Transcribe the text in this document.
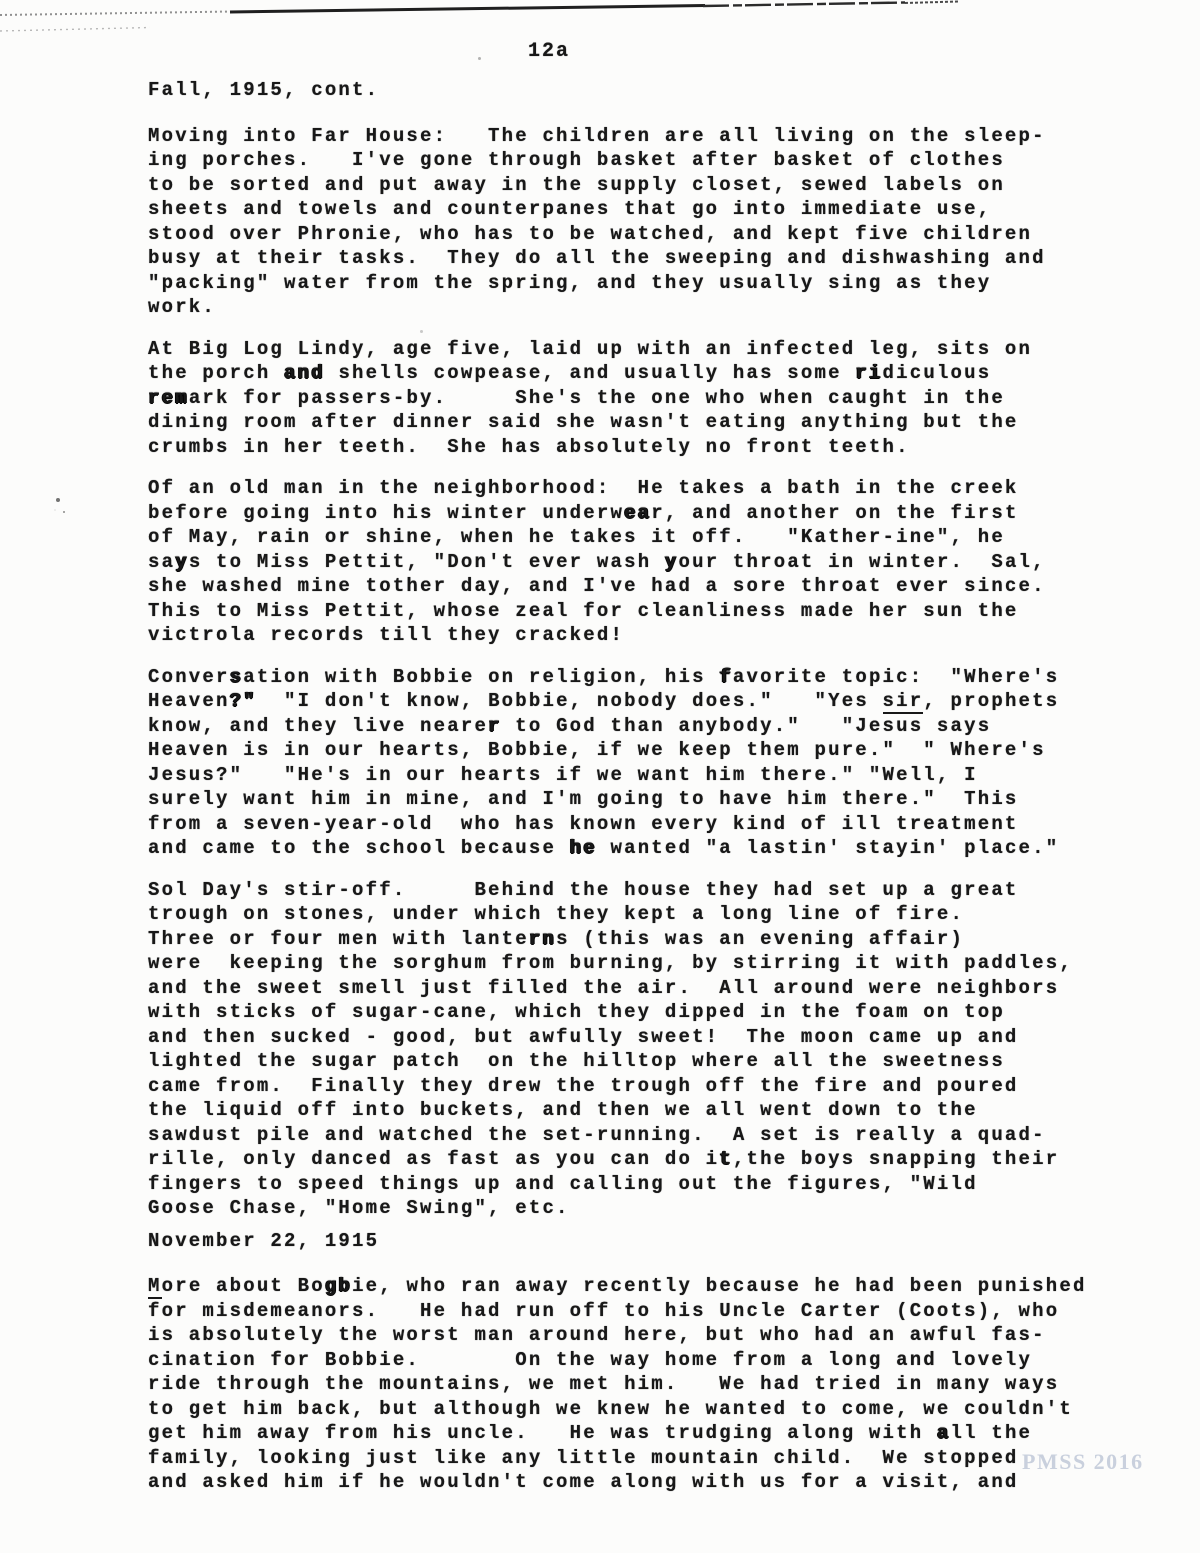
PMSS 2016
12a
Fall, 1915, cont.
Moving into Far House:   The children are all living on the sleep-
ing porches.   I've gone through basket after basket of clothes
to be sorted and put away in the supply closet, sewed labels on
sheets and towels and counterpanes that go into immediate use,
stood over Phronie, who has to be watched, and kept five children
busy at their tasks.  They do all the sweeping and dishwashing and
"packing" water from the spring, and they usually sing as they
work.
At Big Log Lindy, age five, laid up with an infected leg, sits on
the porch and shells cowpease, and usually has some ridiculous
remark for passers-by.     She's the one who when caught in the
dining room after dinner said she wasn't eating anything but the
crumbs in her teeth.  She has absolutely no front teeth.
Of an old man in the neighborhood:  He takes a bath in the creek
before going into his winter underwear, and another on the first
of May, rain or shine, when he takes it off.   "Kather-ine", he
says to Miss Pettit, "Don't ever wash your throat in winter.  Sal,
she washed mine tother day, and I've had a sore throat ever since.
This to Miss Pettit, whose zeal for cleanliness made her sun the
victrola records till they cracked!
Conversation with Bobbie on religion, his favorite topic:  "Where's
Heaven?"  "I don't know, Bobbie, nobody does."   "Yes sir, prophets
know, and they live nearer to God than anybody."   "Jesus says
Heaven is in our hearts, Bobbie, if we keep them pure."  " Where's
Jesus?"   "He's in our hearts if we want him there." "Well, I
surely want him in mine, and I'm going to have him there."  This
from a seven-year-old  who has known every kind of ill treatment
and came to the school because he wanted "a lastin' stayin' place."
Sol Day's stir-off.     Behind the house they had set up a great
trough on stones, under which they kept a long line of fire.
Three or four men with lanterns (this was an evening affair)
were  keeping the sorghum from burning, by stirring it with paddles,
and the sweet smell just filled the air.  All around were neighbors
with sticks of sugar-cane, which they dipped in the foam on top
and then sucked - good, but awfully sweet!  The moon came up and
lighted the sugar patch  on the hilltop where all the sweetness
came from.  Finally they drew the trough off the fire and poured
the liquid off into buckets, and then we all went down to the
sawdust pile and watched the set-running.  A set is really a quad-
rille, only danced as fast as you can do it,the boys snapping their
fingers to speed things up and calling out the figures, "Wild
Goose Chase, "Home Swing", etc.
November 22, 1915
More about Bogbie, who ran away recently because he had been punished
for misdemeanors.   He had run off to his Uncle Carter (Coots), who
is absolutely the worst man around here, but who had an awful fas-
cination for Bobbie.       On the way home from a long and lovely
ride through the mountains, we met him.   We had tried in many ways
to get him back, but although we knew he wanted to come, we couldn't
get him away from his uncle.   He was trudging along with all the
family, looking just like any little mountain child.  We stopped
and asked him if he wouldn't come along with us for a visit, and
